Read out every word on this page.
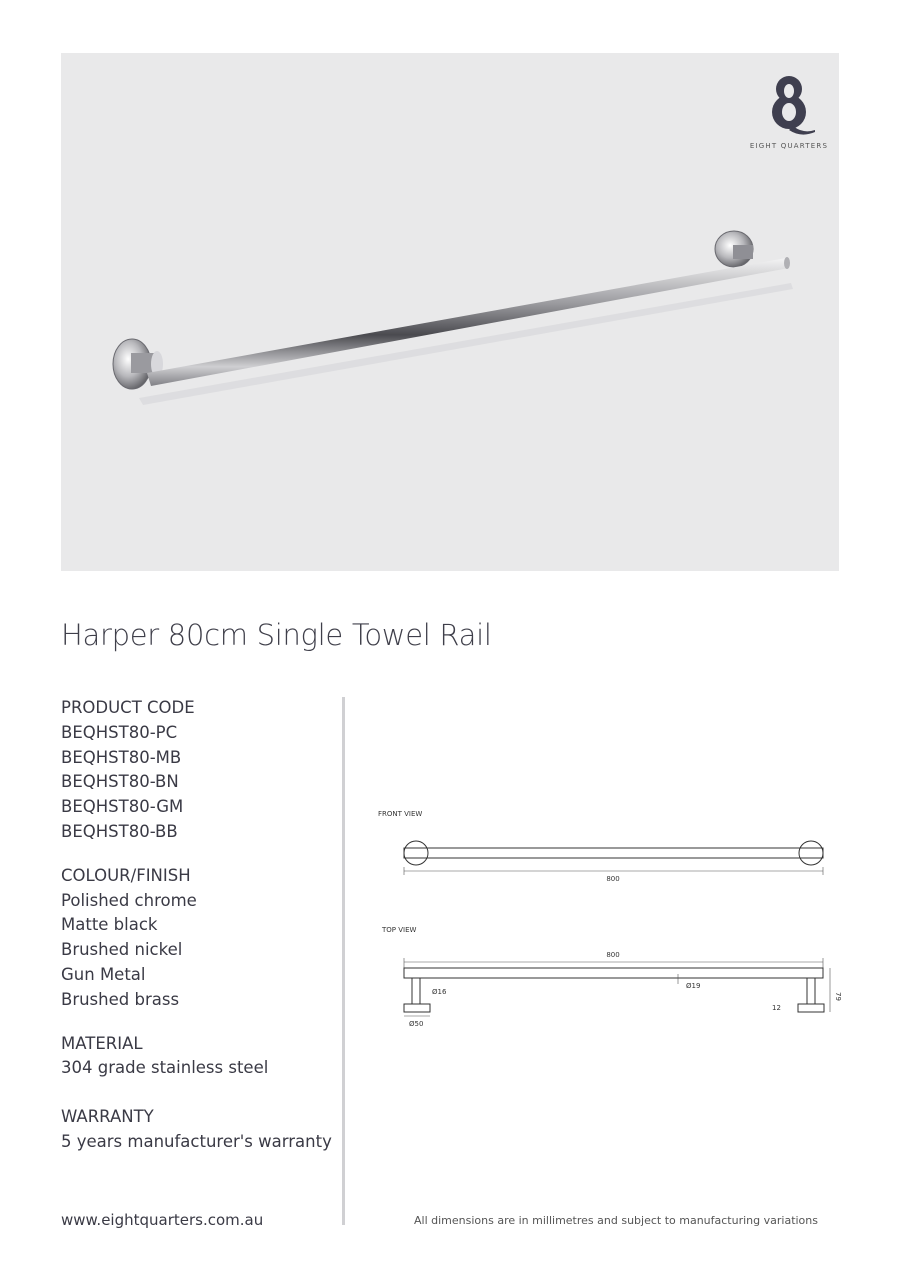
EIGHT QUARTERS
Harper 80cm Single Towel Rail
PRODUCT CODE
BEQHST80-PC
BEQHST80-MB
BEQHST80-BN
BEQHST80-GM
BEQHST80-BB
COLOUR/FINISH
Polished chrome
Matte black
Brushed nickel
Gun Metal
Brushed brass
MATERIAL
304 grade stainless steel
WARRANTY
5 years manufacturer's warranty
FRONT VIEW
800
TOP VIEW
800
79
Ø19
Ø16
Ø50
12
www.eightquarters.com.au	All dimensions are in millimetres and subject to manufacturing variations
